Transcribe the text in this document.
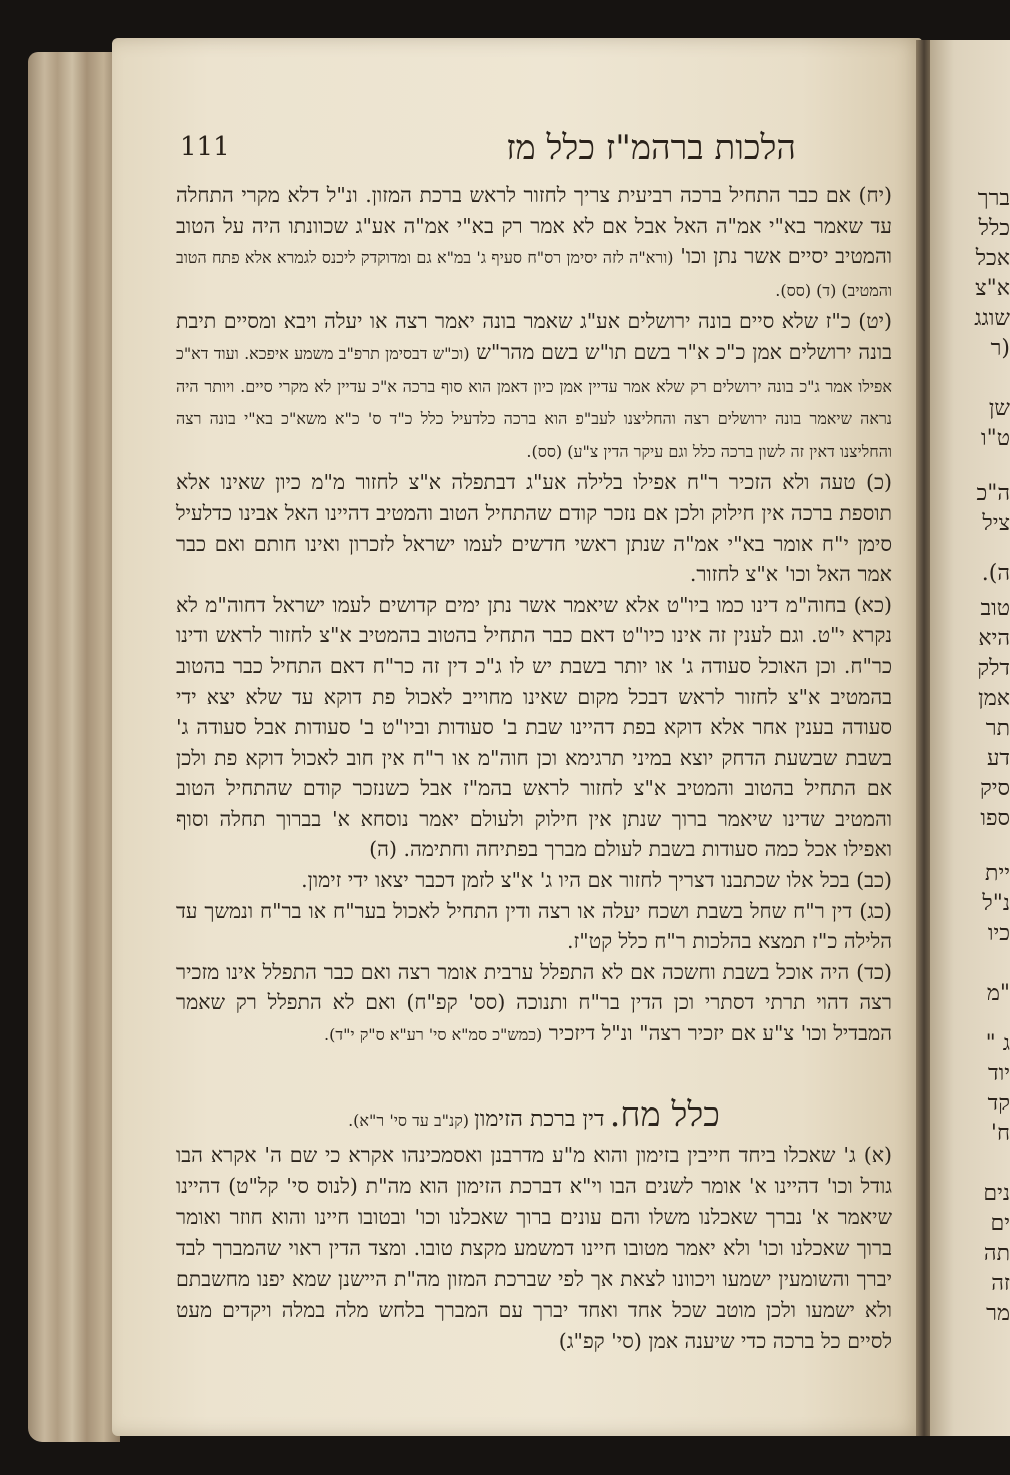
ברך
כלל
אכל
א"צ
שוגג
(ר
שן
ט"ו
ה"כ
ציל
ה).
טוב
היא
דלק
אמן
תר
דע
סיק
ספו
יית
נ"ל
כיו
"מ
ג "
יוד
קד
ח'
נים
ים
תה
זה
מר
111	הלכות ברהמ"ז כלל מז

(יח) אם כבר התחיל ברכה רביעית צריך לחזור לראש ברכת המזון. ונ"ל דלא מקרי התחלה עד שאמר בא"י אמ"ה האל אבל אם לא אמר רק בא"י אמ"ה אע"ג שכוונתו היה על הטוב והמטיב יסיים אשר נתן וכו' (ורא"ה לזה יסימן רס"ח סעיף ג' במ"א גם ומדוקדק ליכנס לגמרא אלא פתח הטוב והמטיב) (ד) (סס).

(יט) כ"ז שלא סיים בונה ירושלים אע"ג שאמר בונה יאמר רצה או יעלה ויבא ומסיים תיבת בונה ירושלים אמן כ"כ א"ר בשם תו"ש בשם מהר"ש (וכ"ש דבסימן תרפ"ב משמע איפכא. ועוד דא"כ אפילו אמר ג"כ בונה ירושלים רק שלא אמר עדיין אמן כיון דאמן הוא סוף ברכה א"כ עדיין לא מקרי סיים. ויותר היה נראה שיאמר בונה ירושלים רצה והחליצנו לעב"פ הוא ברכה כלדעיל כלל כ"ד ס' כ"א משא"כ בא"י בונה רצה והחליצנו דאין זה לשון ברכה כלל וגם עיקר הדין צ"ע) (סס).

(כ) טעה ולא הזכיר ר"ח אפילו בלילה אע"ג דבתפלה א"צ לחזור מ"מ כיון שאינו אלא תוספת ברכה אין חילוק ולכן אם נזכר קודם שהתחיל הטוב והמטיב דהיינו האל אבינו כדלעיל סימן י"ח אומר בא"י אמ"ה שנתן ראשי חדשים לעמו ישראל לזכרון ואינו חותם ואם כבר אמר האל וכו' א"צ לחזור.

(כא) בחוה"מ דינו כמו ביו"ט אלא שיאמר אשר נתן ימים קדושים לעמו ישראל דחוה"מ לא נקרא י"ט. וגם לענין זה אינו כיו"ט דאם כבר התחיל בהטוב בהמטיב א"צ לחזור לראש ודינו כר"ח. וכן האוכל סעודה ג' או יותר בשבת יש לו ג"כ דין זה כר"ח דאם התחיל כבר בהטוב בהמטיב א"צ לחזור לראש דבכל מקום שאינו מחוייב לאכול פת דוקא עד שלא יצא ידי סעודה בענין אחר אלא דוקא בפת דהיינו שבת ב' סעודות וביו"ט ב' סעודות אבל סעודה ג' בשבת שבשעת הדחק יוצא במיני תרגימא וכן חוה"מ או ר"ח אין חוב לאכול דוקא פת ולכן אם התחיל בהטוב והמטיב א"צ לחזור לראש בהמ"ז אבל כשנזכר קודם שהתחיל הטוב והמטיב שדינו שיאמר ברוך שנתן אין חילוק ולעולם יאמר נוסחא א' בברוך תחלה וסוף ואפילו אכל כמה סעודות בשבת לעולם מברך בפתיחה וחתימה. (ה)

(כב) בכל אלו שכתבנו דצריך לחזור אם היו ג' א"צ לזמן דכבר יצאו ידי זימון.

(כג) דין ר"ח שחל בשבת ושכח יעלה או רצה ודין התחיל לאכול בער"ח או בר"ח ונמשך עד הלילה כ"ז תמצא בהלכות ר"ח כלל קט"ז.

(כד) היה אוכל בשבת וחשכה אם לא התפלל ערבית אומר רצה ואם כבר התפלל אינו מזכיר רצה דהוי תרתי דסתרי וכן הדין בר"ח ותנוכה (סס' קפ"ח) ואם לא התפלל רק שאמר המבדיל וכו' צ"ע אם יזכיר רצה" ונ"ל דיזכיר (כמש"כ סמ"א סי' רע"א ס"ק י"ד).

כלל מח. דין ברכת הזימון (קנ"ב עד סי' ר"א).

(א) ג' שאכלו ביחד חייבין בזימון והוא מ"ע מדרבנן ואסמכינהו אקרא כי שם ה' אקרא הבו גודל וכו' דהיינו א' אומר לשנים הבו וי"א דברכת הזימון הוא מה"ת (לנוס סי' קל"ט) דהיינו שיאמר א' נברך שאכלנו משלו והם עונים ברוך שאכלנו וכו' ובטובו חיינו והוא חוזר ואומר ברוך שאכלנו וכו' ולא יאמר מטובו חיינו דמשמע מקצת טובו. ומצד הדין ראוי שהמברך לבד יברך והשומעין ישמעו ויכוונו לצאת אך לפי שברכת המזון מה"ת היישנן שמא יפנו מחשבתם ולא ישמעו ולכן מוטב שכל אחד ואחד יברך עם המברך בלחש מלה במלה ויקדים מעט לסיים כל ברכה כדי שיענה אמן (סי' קפ"ג)
